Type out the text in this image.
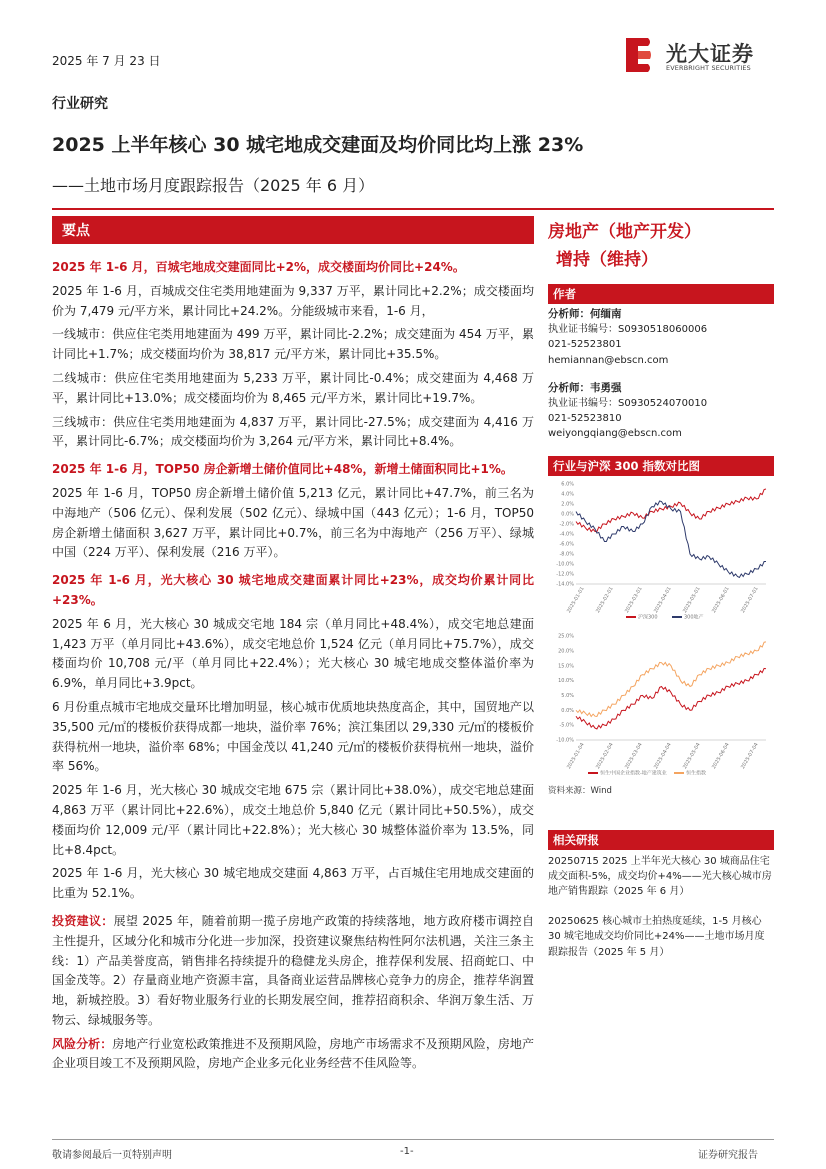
2025 年 7 月 23 日	光大证券
EVERBRIGHT SECURITIES
行业研究
2025 上半年核心 30 城宅地成交建面及均价同比均上涨 23%
——土地市场月度跟踪报告（2025 年 6 月）
要点

2025 年 1-6 月，百城宅地成交建面同比+2%，成交楼面均价同比+24%。

2025 年 1-6 月，百城成交住宅类用地建面为 9,337 万平，累计同比+2.2%；成交楼面均价为 7,479 元/平方米，累计同比+24.2%。分能级城市来看，1-6 月，

一线城市：供应住宅类用地建面为 499 万平，累计同比-2.2%；成交建面为 454 万平，累计同比+1.7%；成交楼面均价为 38,817 元/平方米，累计同比+35.5%。

二线城市：供应住宅类用地建面为 5,233 万平，累计同比-0.4%；成交建面为 4,468 万平，累计同比+13.0%；成交楼面均价为 8,465 元/平方米，累计同比+19.7%。

三线城市：供应住宅类用地建面为 4,837 万平，累计同比-27.5%；成交建面为 4,416 万平，累计同比-6.7%；成交楼面均价为 3,264 元/平方米，累计同比+8.4%。

2025 年 1-6 月，TOP50 房企新增土储价值同比+48%，新增土储面积同比+1%。

2025 年 1-6 月，TOP50 房企新增土储价值 5,213 亿元，累计同比+47.7%，前三名为中海地产（506 亿元）、保利发展（502 亿元）、绿城中国（443 亿元）；1-6 月，TOP50 房企新增土储面积 3,627 万平，累计同比+0.7%，前三名为中海地产（256 万平）、绿城中国（224 万平）、保利发展（216 万平）。

2025 年 1-6 月，光大核心 30 城宅地成交建面累计同比+23%，成交均价累计同比+23%。

2025 年 6 月，光大核心 30 城成交宅地 184 宗（单月同比+48.4%），成交宅地总建面 1,423 万平（单月同比+43.6%），成交宅地总价 1,524 亿元（单月同比+75.7%），成交楼面均价 10,708 元/平（单月同比+22.4%）；光大核心 30 城宅地成交整体溢价率为 6.9%，单月同比+3.9pct。

6 月份重点城市宅地成交量环比增加明显，核心城市优质地块热度高企，其中，国贸地产以 35,500 元/㎡的楼板价获得成都一地块，溢价率 76%；滨江集团以 29,330 元/㎡的楼板价获得杭州一地块，溢价率 68%；中国金茂以 41,240 元/㎡的楼板价获得杭州一地块，溢价率 56%。

2025 年 1-6 月，光大核心 30 城成交宅地 675 宗（累计同比+38.0%），成交宅地总建面 4,863 万平（累计同比+22.6%），成交土地总价 5,840 亿元（累计同比+50.5%），成交楼面均价 12,009 元/平（累计同比+22.8%）；光大核心 30 城整体溢价率为 13.5%，同比+8.4pct。

2025 年 1-6 月，光大核心 30 城宅地成交建面 4,863 万平，占百城住宅用地成交建面的比重为 52.1%。

投资建议：展望 2025 年，随着前期一揽子房地产政策的持续落地，地方政府楼市调控自主性提升，区域分化和城市分化进一步加深，投资建议聚焦结构性阿尔法机遇，关注三条主线：1）产品美誉度高，销售排名持续提升的稳健龙头房企，推荐保利发展、招商蛇口、中国金茂等。2）存量商业地产资源丰富，具备商业运营品牌核心竞争力的房企，推荐华润置地，新城控股。3）看好物业服务行业的长期发展空间，推荐招商积余、华润万象生活、万物云、绿城服务等。

风险分析：房地产行业宽松政策推进不及预期风险，房地产市场需求不及预期风险，房地产企业项目竣工不及预期风险，房地产企业多元化业务经营不佳风险等。

房地产（地产开发）
增持（维持）
作者
分析师：何缅南
执业证书编号：S0930518060006
021-52523801
hemiannan@ebscn.com
分析师：韦勇强
执业证书编号：S0930524070010
021-52523810
weiyongqiang@ebscn.com
行业与沪深 300 指数对比图
6.0%
4.0%
2.0%
0.0%
-2.0%
-4.0%
-6.0%
-8.0%
-10.0%
-12.0%
-14.0%
2025-01-01 2025-02-01 2025-03-01 2025-04-01 2025-05-01 2025-06-01 2025-07-01
沪深300	300地产
25.0%
20.0%
15.0%
10.0%
5.0%
0.0%
-5.0%
-10.0%
2025-01-04 2025-02-04 2025-03-04 2025-04-04 2025-05-04 2025-06-04 2025-07-04
恒生中国企业指数-地产建筑业	恒生指数
资料来源：Wind
相关研报
20250715 2025 上半年光大核心 30 城商品住宅成交面积-5%，成交均价+4%——光大核心城市房地产销售跟踪（2025 年 6 月）
20250625 核心城市土拍热度延续，1-5 月核心 30 城宅地成交均价同比+24%——土地市场月度跟踪报告（2025 年 5 月）
敬请参阅最后一页特别声明	-1-	证券研究报告
